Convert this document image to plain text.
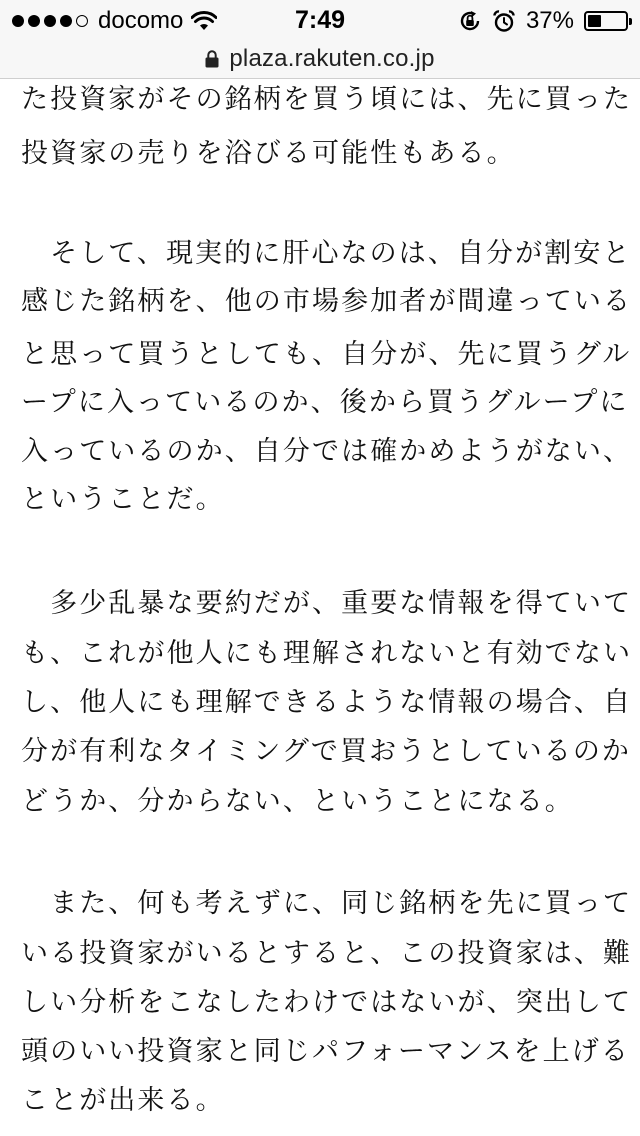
docomo	7:49	37%
plaza.rakuten.co.jp
た投資家がその銘柄を買う頃には、先に買った
投資家の売りを浴びる可能性もある。
　そして、現実的に肝心なのは、自分が割安と
感じた銘柄を、他の市場参加者が間違っている
と思って買うとしても、自分が、先に買うグル
ープに入っているのか、後から買うグループに
入っているのか、自分では確かめようがない、
ということだ。
　多少乱暴な要約だが、重要な情報を得ていて
も、これが他人にも理解されないと有効でない
し、他人にも理解できるような情報の場合、自
分が有利なタイミングで買おうとしているのか
どうか、分からない、ということになる。
　また、何も考えずに、同じ銘柄を先に買って
いる投資家がいるとすると、この投資家は、難
しい分析をこなしたわけではないが、突出して
頭のいい投資家と同じパフォーマンスを上げる
ことが出来る。
